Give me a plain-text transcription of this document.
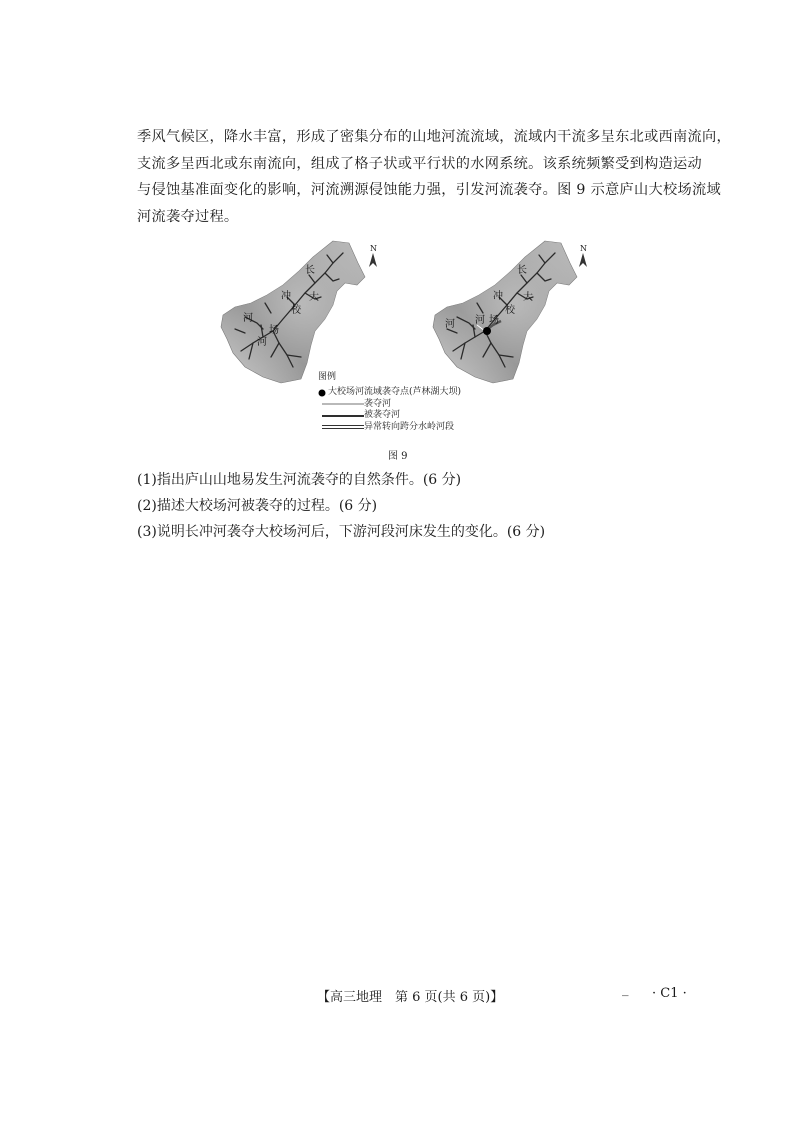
季风气候区，降水丰富，形成了密集分布的山地河流流域，流域内干流多呈东北或西南流向，

支流多呈西北或东南流向，组成了格子状或平行状的水网系统。该系统频繁受到构造运动

与侵蚀基准面变化的影响，河流溯源侵蚀能力强，引发河流袭夺。图 9 示意庐山大校场流域

河流袭夺过程。

长
冲 大
校
河
场
河
N
长
冲 大
校
场
河
河
N
图例
大校场河流域袭夺点(芦林湖大坝)
袭夺河
被袭夺河
异常转向跨分水岭河段
图 9
(1)指出庐山山地易发生河流袭夺的自然条件。(6 分)
(2)描述大校场河被袭夺的过程。(6 分)
(3)说明长冲河袭夺大校场河后，下游河段河床发生的变化。(6 分)
【高三地理　第 6 页(共 6 页)】
_ · C1 ·
